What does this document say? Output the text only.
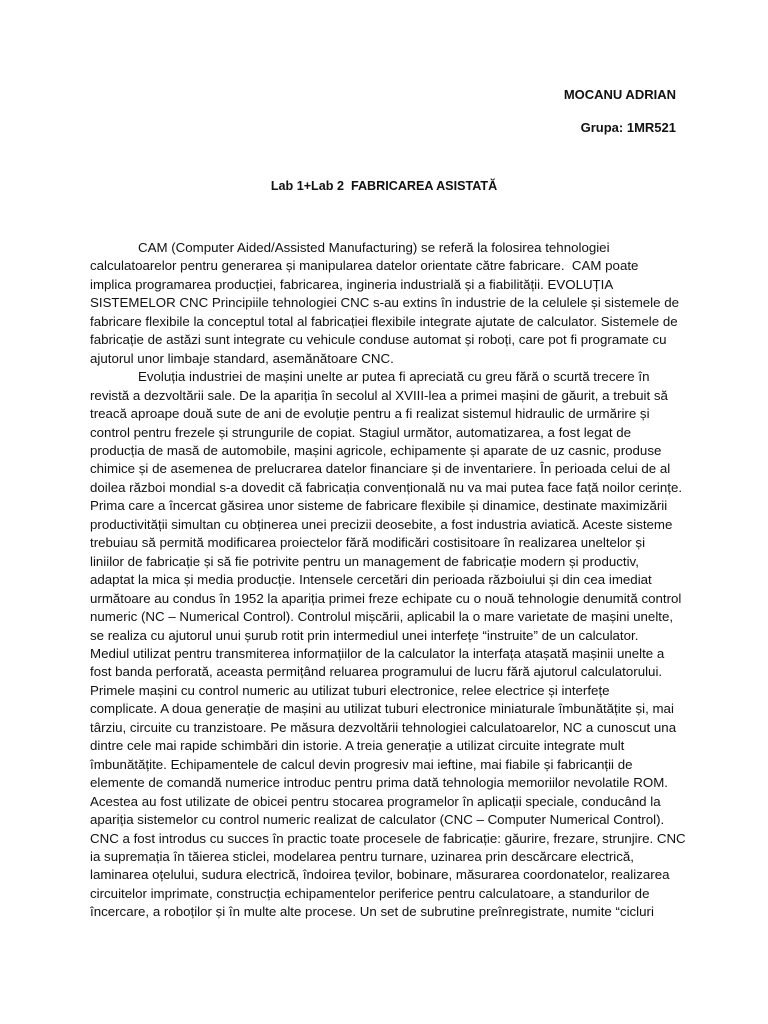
MOCANU ADRIAN
Grupa: 1MR521
Lab 1+Lab 2  FABRICAREA ASISTATĂ
CAM (Computer Aided/Assisted Manufacturing) se referă la folosirea tehnologiei
calculatoarelor pentru generarea și manipularea datelor orientate către fabricare.  CAM poate
implica programarea producției, fabricarea, ingineria industrială și a fiabilității. EVOLUȚIA
SISTEMELOR CNC Principiile tehnologiei CNC s-au extins în industrie de la celulele și sistemele de
fabricare flexibile la conceptul total al fabricației flexibile integrate ajutate de calculator. Sistemele de
fabricație de astăzi sunt integrate cu vehicule conduse automat și roboți, care pot fi programate cu
ajutorul unor limbaje standard, asemănătoare CNC.
Evoluția industriei de mașini unelte ar putea fi apreciată cu greu fără o scurtă trecere în
revistă a dezvoltării sale. De la apariția în secolul al XVIII-lea a primei mașini de găurit, a trebuit să
treacă aproape două sute de ani de evoluție pentru a fi realizat sistemul hidraulic de urmărire și
control pentru frezele și strungurile de copiat. Stagiul următor, automatizarea, a fost legat de
producția de masă de automobile, mașini agricole, echipamente și aparate de uz casnic, produse
chimice și de asemenea de prelucrarea datelor financiare și de inventariere. În perioada celui de al
doilea război mondial s-a dovedit că fabricația convențională nu va mai putea face față noilor cerințe.
Prima care a încercat găsirea unor sisteme de fabricare flexibile și dinamice, destinate maximizării
productivității simultan cu obținerea unei precizii deosebite, a fost industria aviatică. Aceste sisteme
trebuiau să permită modificarea proiectelor fără modificări costisitoare în realizarea uneltelor și
liniilor de fabricație și să fie potrivite pentru un management de fabricație modern și productiv,
adaptat la mica și media producție. Intensele cercetări din perioada războiului și din cea imediat
următoare au condus în 1952 la apariția primei freze echipate cu o nouă tehnologie denumită control
numeric (NC – Numerical Control). Controlul mișcării, aplicabil la o mare varietate de mașini unelte,
se realiza cu ajutorul unui șurub rotit prin intermediul unei interfețe “instruite” de un calculator.
Mediul utilizat pentru transmiterea informațiilor de la calculator la interfața atașată mașinii unelte a
fost banda perforată, aceasta permițând reluarea programului de lucru fără ajutorul calculatorului.
Primele mașini cu control numeric au utilizat tuburi electronice, relee electrice și interfețe
complicate. A doua generație de mașini au utilizat tuburi electronice miniaturale îmbunătățite și, mai
târziu, circuite cu tranzistoare. Pe măsura dezvoltării tehnologiei calculatoarelor, NC a cunoscut una
dintre cele mai rapide schimbări din istorie. A treia generație a utilizat circuite integrate mult
îmbunătățite. Echipamentele de calcul devin progresiv mai ieftine, mai fiabile și fabricanții de
elemente de comandă numerice introduc pentru prima dată tehnologia memoriilor nevolatile ROM.
Acestea au fost utilizate de obicei pentru stocarea programelor în aplicații speciale, conducând la
apariția sistemelor cu control numeric realizat de calculator (CNC – Computer Numerical Control).
CNC a fost introdus cu succes în practic toate procesele de fabricație: găurire, frezare, strunjire. CNC
ia supremația în tăierea sticlei, modelarea pentru turnare, uzinarea prin descărcare electrică,
laminarea oțelului, sudura electrică, îndoirea țevilor, bobinare, măsurarea coordonatelor, realizarea
circuitelor imprimate, construcția echipamentelor periferice pentru calculatoare, a standurilor de
încercare, a roboților și în multe alte procese. Un set de subrutine preînregistrate, numite “cicluri
